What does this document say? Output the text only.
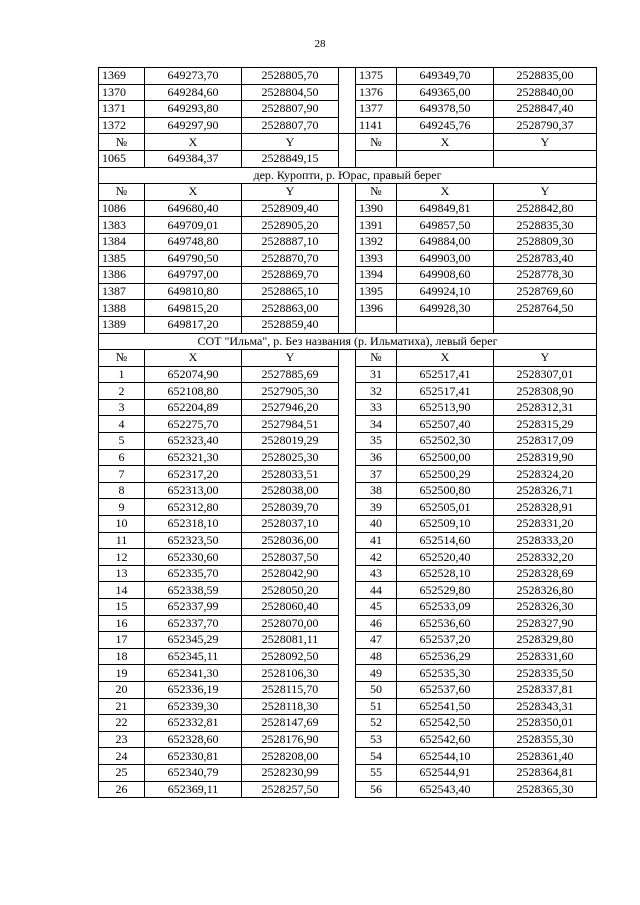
28
1369	649273,70	2528805,70		1375	649349,70	2528835,00
1370	649284,60	2528804,50		1376	649365,00	2528840,00
1371	649293,80	2528807,90		1377	649378,50	2528847,40
1372	649297,90	2528807,70		1141	649245,76	2528790,37
№	X	Y		№	X	Y
1065	649384,37	2528849,15				
дер. Куропти, р. Юрас, правый берег						
№	X	Y		№	X	Y
1086	649680,40	2528909,40		1390	649849,81	2528842,80
1383	649709,01	2528905,20		1391	649857,50	2528835,30
1384	649748,80	2528887,10		1392	649884,00	2528809,30
1385	649790,50	2528870,70		1393	649903,00	2528783,40
1386	649797,00	2528869,70		1394	649908,60	2528778,30
1387	649810,80	2528865,10		1395	649924,10	2528769,60
1388	649815,20	2528863,00		1396	649928,30	2528764,50
1389	649817,20	2528859,40				
СОТ "Ильма", р. Без названия (р. Ильматиха), левый берег						
№	X	Y		№	X	Y
1	652074,90	2527885,69		31	652517,41	2528307,01
2	652108,80	2527905,30		32	652517,41	2528308,90
3	652204,89	2527946,20		33	652513,90	2528312,31
4	652275,70	2527984,51		34	652507,40	2528315,29
5	652323,40	2528019,29		35	652502,30	2528317,09
6	652321,30	2528025,30		36	652500,00	2528319,90
7	652317,20	2528033,51		37	652500,29	2528324,20
8	652313,00	2528038,00		38	652500,80	2528326,71
9	652312,80	2528039,70		39	652505,01	2528328,91
10	652318,10	2528037,10		40	652509,10	2528331,20
11	652323,50	2528036,00		41	652514,60	2528333,20
12	652330,60	2528037,50		42	652520,40	2528332,20
13	652335,70	2528042,90		43	652528,10	2528328,69
14	652338,59	2528050,20		44	652529,80	2528326,80
15	652337,99	2528060,40		45	652533,09	2528326,30
16	652337,70	2528070,00		46	652536,60	2528327,90
17	652345,29	2528081,11		47	652537,20	2528329,80
18	652345,11	2528092,50		48	652536,29	2528331,60
19	652341,30	2528106,30		49	652535,30	2528335,50
20	652336,19	2528115,70		50	652537,60	2528337,81
21	652339,30	2528118,30		51	652541,50	2528343,31
22	652332,81	2528147,69		52	652542,50	2528350,01
23	652328,60	2528176,90		53	652542,60	2528355,30
24	652330,81	2528208,00		54	652544,10	2528361,40
25	652340,79	2528230,99		55	652544,91	2528364,81
26	652369,11	2528257,50		56	652543,40	2528365,30
